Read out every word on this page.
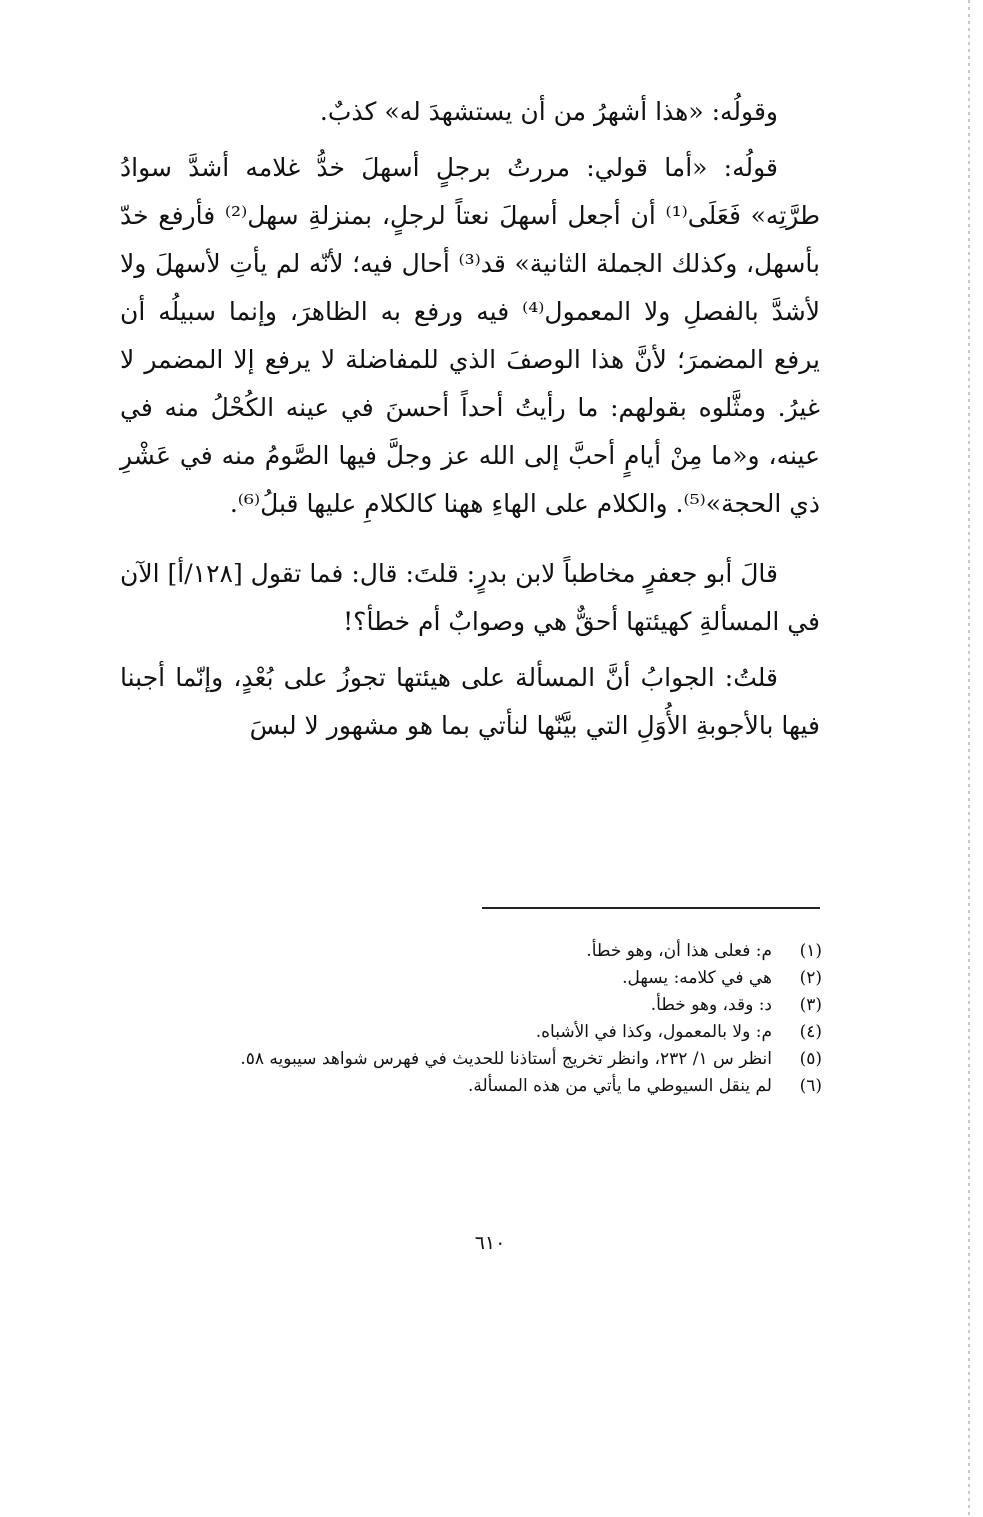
وقولُه: «هذا أشهرُ من أن يستشهدَ له» كذبٌ.

قولُه: «أما قولي: مررتُ برجلٍ أسهلَ خدُّ غلامه أشدَّ سوادُ طرَّتِه» فَعَلَى⁽¹⁾ أن أجعل أسهلَ نعتاً لرجلٍ، بمنزلةِ سهل⁽²⁾ فأرفع خدّ بأسهل، وكذلك الجملة الثانية» قد⁽³⁾ أحال فيه؛ لأنّه لم يأتِ لأسهلَ ولا لأشدَّ بالفصلِ ولا المعمول⁽⁴⁾ فيه ورفع به الظاهرَ، وإنما سبيلُه أن يرفع المضمرَ؛ لأنَّ هذا الوصفَ الذي للمفاضلة لا يرفع إلا المضمر لا غيرُ. ومثَّلوه بقولهم: ما رأيتُ أحداً أحسنَ في عينه الكُحْلُ منه في عينه، و«ما مِنْ أيامٍ أحبَّ إلى الله عز وجلَّ فيها الصَّومُ منه في عَشْرِ ذي الحجة»⁽⁵⁾. والكلام على الهاءِ ههنا كالكلامِ عليها قبلُ⁽⁶⁾.

قالَ أبو جعفرٍ مخاطباً لابن بدرٍ: قلتَ: قال: فما تقول [١٢٨/أ] الآن في المسألةِ كهيئتها أحقٌّ هي وصوابٌ أم خطأ؟!

قلتُ: الجوابُ أنَّ المسألة على هيئتها تجوزُ على بُعْدٍ، وإنّما أجبنا فيها بالأجوبةِ الأُوَلِ التي بيَّنّها لنأتي بما هو مشهور لا لبسَ

(١)
م: فعلى هذا أن، وهو خطأ.
(٢)
هي في كلامه: يسهل.
(٣)
د: وقد، وهو خطأ.
(٤)
م: ولا بالمعمول، وكذا في الأشباه.
(٥)
انظر س ١/ ٢٣٢، وانظر تخريج أستاذنا للحديث في فهرس شواهد سيبويه ٥٨.
(٦)
لم ينقل السيوطي ما يأتي من هذه المسألة.
٦١٠
